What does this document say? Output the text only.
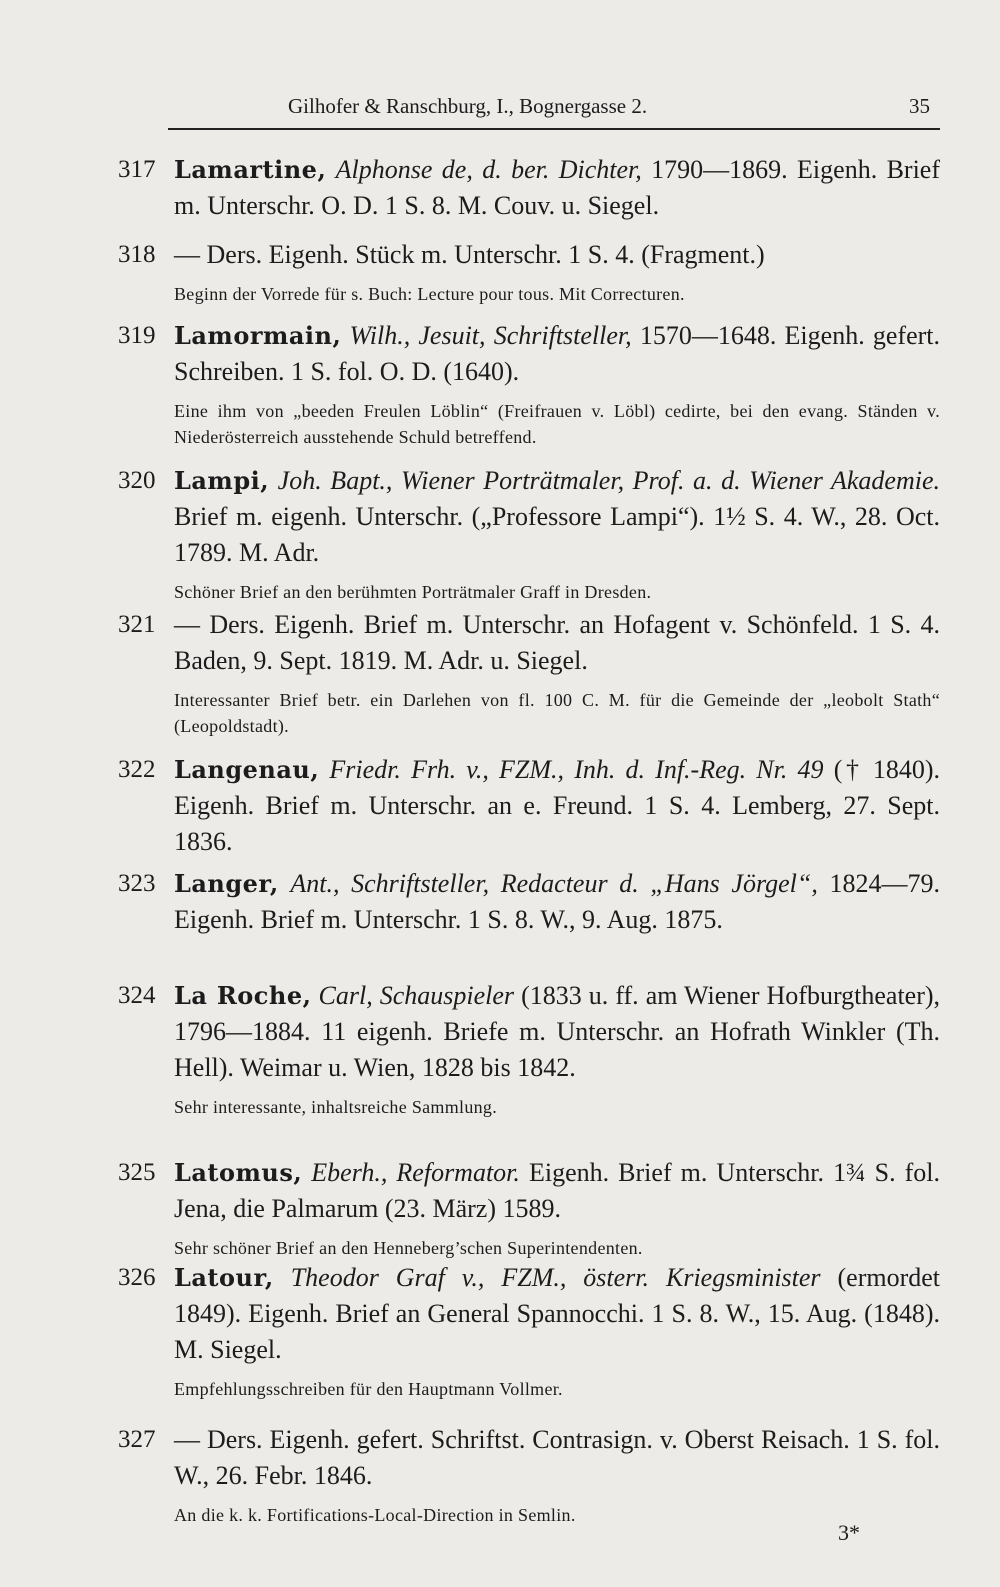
Gilhofer & Ranschburg, I., Bognergasse 2.	35
317 Lamartine, Alphonse de, d. ber. Dichter, 1790—1869. Eigenh. Brief m. Unterschr. O. D. 1 S. 8. M. Couv. u. Siegel.
318 — Ders. Eigenh. Stück m. Unterschr. 1 S. 4. (Fragment.)
Beginn der Vorrede für s. Buch: Lecture pour tous. Mit Correcturen.
319 Lamormain, Wilh., Jesuit, Schriftsteller, 1570—1648. Eigenh. gefert. Schreiben. 1 S. fol. O. D. (1640).
Eine ihm von „beeden Freulen Löblin“ (Freifrauen v. Löbl) cedirte, bei den evang. Ständen v. Niederösterreich ausstehende Schuld betreffend.
320 Lampi, Joh. Bapt., Wiener Porträtmaler, Prof. a. d. Wiener Akademie. Brief m. eigenh. Unterschr. („Professore Lampi“). 1½ S. 4. W., 28. Oct. 1789. M. Adr.
Schöner Brief an den berühmten Porträtmaler Graff in Dresden.
321 — Ders. Eigenh. Brief m. Unterschr. an Hofagent v. Schönfeld. 1 S. 4. Baden, 9. Sept. 1819. M. Adr. u. Siegel.
Interessanter Brief betr. ein Darlehen von fl. 100 C. M. für die Gemeinde der „leobolt Stath“ (Leopoldstadt).
322 Langenau, Friedr. Frh. v., FZM., Inh. d. Inf.-Reg. Nr. 49 († 1840). Eigenh. Brief m. Unterschr. an e. Freund. 1 S. 4. Lemberg, 27. Sept. 1836.
323 Langer, Ant., Schriftsteller, Redacteur d. „Hans Jörgel“, 1824—79. Eigenh. Brief m. Unterschr. 1 S. 8. W., 9. Aug. 1875.
324 La Roche, Carl, Schauspieler (1833 u. ff. am Wiener Hofburgtheater), 1796—1884. 11 eigenh. Briefe m. Unterschr. an Hofrath Winkler (Th. Hell). Weimar u. Wien, 1828 bis 1842.
Sehr interessante, inhaltsreiche Sammlung.
325 Latomus, Eberh., Reformator. Eigenh. Brief m. Unterschr. 1¾ S. fol. Jena, die Palmarum (23. März) 1589.
Sehr schöner Brief an den Henneberg’schen Superintendenten.
326 Latour, Theodor Graf v., FZM., österr. Kriegsminister (ermordet 1849). Eigenh. Brief an General Spannocchi. 1 S. 8. W., 15. Aug. (1848). M. Siegel.
Empfehlungsschreiben für den Hauptmann Vollmer.
327 — Ders. Eigenh. gefert. Schriftst. Contrasign. v. Oberst Reisach. 1 S. fol. W., 26. Febr. 1846.
An die k. k. Fortifications-Local-Direction in Semlin.
3*
